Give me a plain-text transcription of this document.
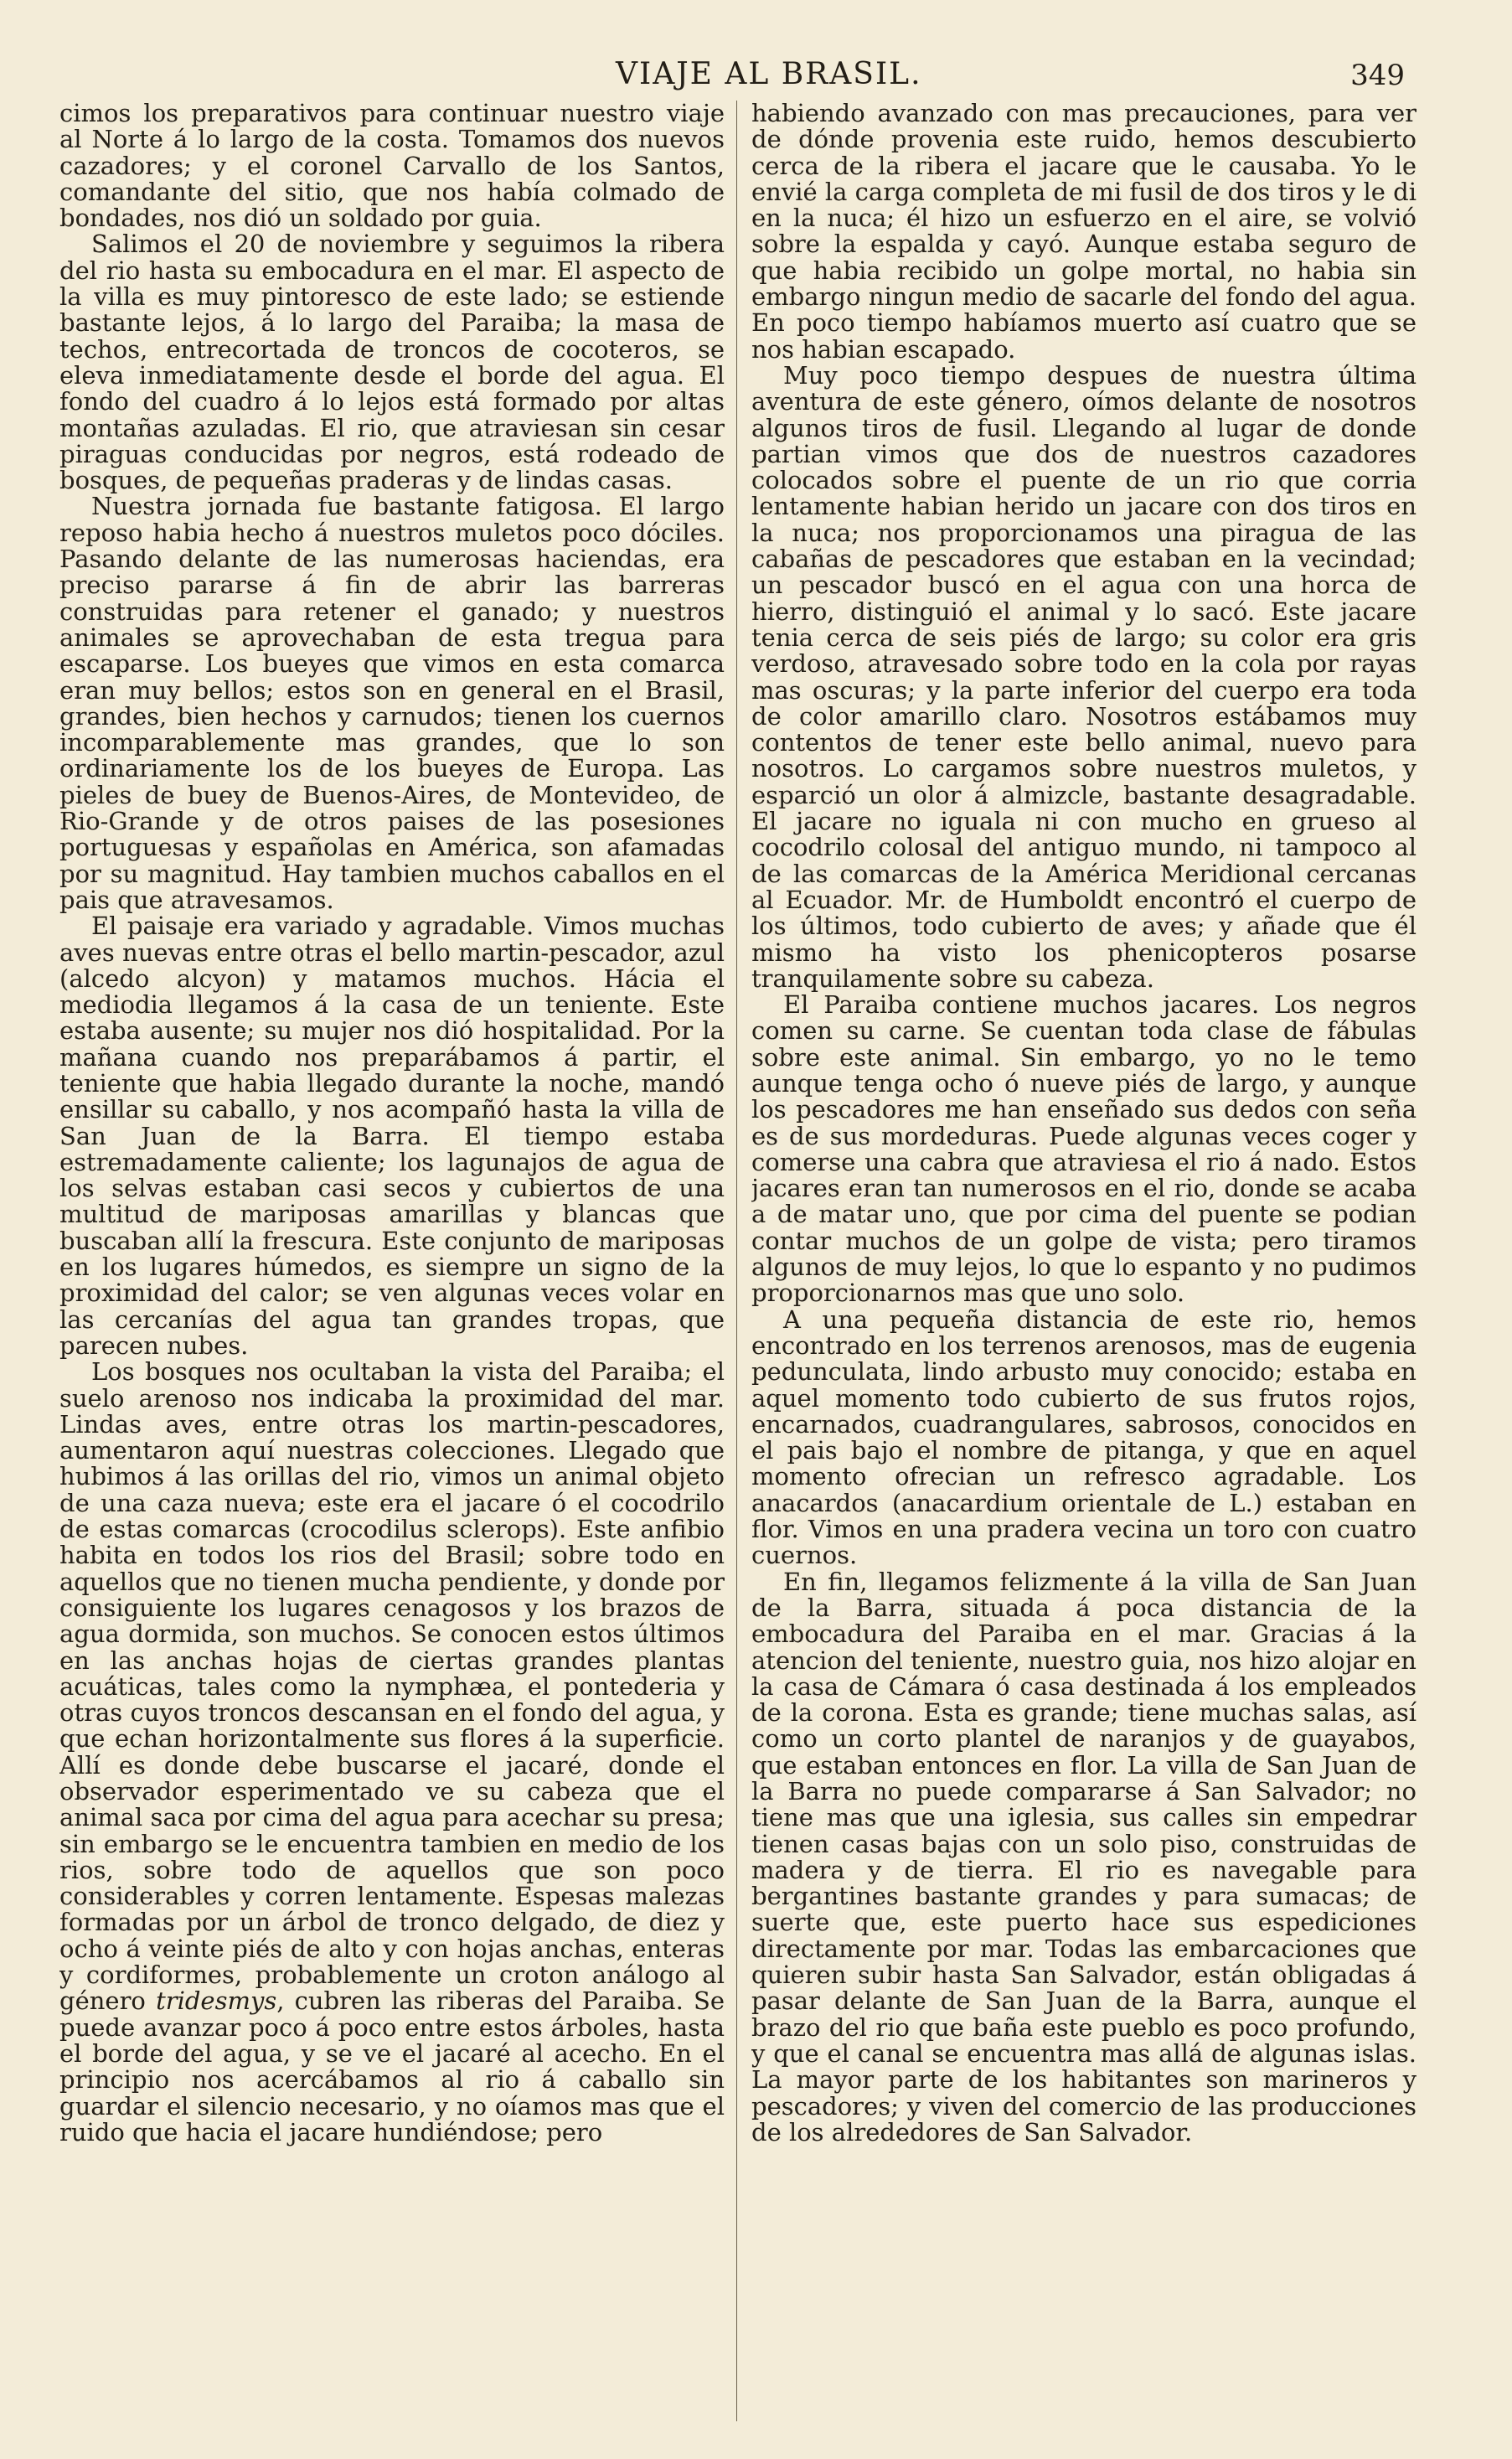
VIAJE AL BRASIL.	349

cimos los preparativos para continuar nuestro viaje al Norte á lo largo de la costa. Tomamos dos nuevos cazadores; y el coronel Carvallo de los Santos, comandante del sitio, que nos había colmado de bondades, nos dió un soldado por guia.

Salimos el 20 de noviembre y seguimos la ribera del rio hasta su embocadura en el mar. El aspecto de la villa es muy pintoresco de este lado; se estiende bastante lejos, á lo largo del Paraiba; la masa de techos, entrecortada de troncos de cocoteros, se eleva inmediatamente desde el borde del agua. El fondo del cuadro á lo lejos está formado por altas montañas azuladas. El rio, que atraviesan sin cesar piraguas conducidas por negros, está rodeado de bosques, de pequeñas praderas y de lindas casas.

Nuestra jornada fue bastante fatigosa. El largo reposo habia hecho á nuestros muletos poco dóciles. Pasando delante de las numerosas haciendas, era preciso pararse á fin de abrir las barreras construidas para retener el ganado; y nuestros animales se aprovechaban de esta tregua para escaparse. Los bueyes que vimos en esta comarca eran muy bellos; estos son en general en el Brasil, grandes, bien hechos y carnudos; tienen los cuernos incomparablemente mas grandes, que lo son ordinariamente los de los bueyes de Europa. Las pieles de buey de Buenos-Aires, de Montevideo, de Rio-Grande y de otros paises de las posesiones portuguesas y españolas en América, son afamadas por su magnitud. Hay tambien muchos caballos en el pais que atravesamos.

El paisaje era variado y agradable. Vimos muchas aves nuevas entre otras el bello martin-pescador, azul (alcedo alcyon) y matamos muchos. Hácia el mediodia llegamos á la casa de un teniente. Este estaba ausente; su mujer nos dió hospitalidad. Por la mañana cuando nos preparábamos á partir, el teniente que habia llegado durante la noche, mandó ensillar su caballo, y nos acompañó hasta la villa de San Juan de la Barra. El tiempo estaba estremadamente caliente; los lagunajos de agua de los selvas estaban casi secos y cubiertos de una multitud de mariposas amarillas y blancas que buscaban allí la frescura. Este conjunto de mariposas en los lugares húmedos, es siempre un signo de la proximidad del calor; se ven algunas veces volar en las cercanías del agua tan grandes tropas, que parecen nubes.

Los bosques nos ocultaban la vista del Paraiba; el suelo arenoso nos indicaba la proximidad del mar. Lindas aves, entre otras los martin-pescadores, aumentaron aquí nuestras colecciones. Llegado que hubimos á las orillas del rio, vimos un animal objeto de una caza nueva; este era el jacare ó el cocodrilo de estas comarcas (crocodilus sclerops). Este anfibio habita en todos los rios del Brasil; sobre todo en aquellos que no tienen mucha pendiente, y donde por consiguiente los lugares cenagosos y los brazos de agua dormida, son muchos. Se conocen estos últimos en las anchas hojas de ciertas grandes plantas acuáticas, tales como la nymphæa, el pontederia y otras cuyos troncos descansan en el fondo del agua, y que echan horizontalmente sus flores á la superficie. Allí es donde debe buscarse el jacaré, donde el observador esperimentado ve su cabeza que el animal saca por cima del agua para acechar su presa; sin embargo se le encuentra tambien en medio de los rios, sobre todo de aquellos que son poco considerables y corren lentamente. Espesas malezas formadas por un árbol de tronco delgado, de diez y ocho á veinte piés de alto y con hojas anchas, enteras y cordiformes, probablemente un croton análogo al género tridesmys, cubren las riberas del Paraiba. Se puede avanzar poco á poco entre estos árboles, hasta el borde del agua, y se ve el jacaré al acecho. En el principio nos acercábamos al rio á caballo sin guardar el silencio necesario, y no oíamos mas que el ruido que hacia el jacare hundiéndose; pero

habiendo avanzado con mas precauciones, para ver de dónde provenia este ruido, hemos descubierto cerca de la ribera el jacare que le causaba. Yo le envié la carga completa de mi fusil de dos tiros y le di en la nuca; él hizo un esfuerzo en el aire, se volvió sobre la espalda y cayó. Aunque estaba seguro de que habia recibido un golpe mortal, no habia sin embargo ningun medio de sacarle del fondo del agua. En poco tiempo habíamos muerto así cuatro que se nos habian escapado.

Muy poco tiempo despues de nuestra última aventura de este género, oímos delante de nosotros algunos tiros de fusil. Llegando al lugar de donde partian vimos que dos de nuestros cazadores colocados sobre el puente de un rio que corria lentamente habian herido un jacare con dos tiros en la nuca; nos proporcionamos una piragua de las cabañas de pescadores que estaban en la vecindad; un pescador buscó en el agua con una horca de hierro, distinguió el animal y lo sacó. Este jacare tenia cerca de seis piés de largo; su color era gris verdoso, atravesado sobre todo en la cola por rayas mas oscuras; y la parte inferior del cuerpo era toda de color amarillo claro. Nosotros estábamos muy contentos de tener este bello animal, nuevo para nosotros. Lo cargamos sobre nuestros muletos, y esparció un olor á almizcle, bastante desagradable. El jacare no iguala ni con mucho en grueso al cocodrilo colosal del antiguo mundo, ni tampoco al de las comarcas de la América Meridional cercanas al Ecuador. Mr. de Humboldt encontró el cuerpo de los últimos, todo cubierto de aves; y añade que él mismo ha visto los phenicopteros posarse tranquilamente sobre su cabeza.

El Paraiba contiene muchos jacares. Los negros comen su carne. Se cuentan toda clase de fábulas sobre este animal. Sin embargo, yo no le temo aunque tenga ocho ó nueve piés de largo, y aunque los pescadores me han enseñado sus dedos con seña es de sus mordeduras. Puede algunas veces coger y comerse una cabra que atraviesa el rio á nado. Estos jacares eran tan numerosos en el rio, donde se acaba a de matar uno, que por cima del puente se podian contar muchos de un golpe de vista; pero tiramos algunos de muy lejos, lo que lo espanto y no pudimos proporcionarnos mas que uno solo.

A una pequeña distancia de este rio, hemos encontrado en los terrenos arenosos, mas de eugenia pedunculata, lindo arbusto muy conocido; estaba en aquel momento todo cubierto de sus frutos rojos, encarnados, cuadrangulares, sabrosos, conocidos en el pais bajo el nombre de pitanga, y que en aquel momento ofrecian un refresco agradable. Los anacardos (anacardium orientale de L.) estaban en flor. Vimos en una pradera vecina un toro con cuatro cuernos.

En fin, llegamos felizmente á la villa de San Juan de la Barra, situada á poca distancia de la embocadura del Paraiba en el mar. Gracias á la atencion del teniente, nuestro guia, nos hizo alojar en la casa de Cámara ó casa destinada á los empleados de la corona. Esta es grande; tiene muchas salas, así como un corto plantel de naranjos y de guayabos, que estaban entonces en flor. La villa de San Juan de la Barra no puede compararse á San Salvador; no tiene mas que una iglesia, sus calles sin empedrar tienen casas bajas con un solo piso, construidas de madera y de tierra. El rio es navegable para bergantines bastante grandes y para sumacas; de suerte que, este puerto hace sus espediciones directamente por mar. Todas las embarcaciones que quieren subir hasta San Salvador, están obligadas á pasar delante de San Juan de la Barra, aunque el brazo del rio que baña este pueblo es poco profundo, y que el canal se encuentra mas allá de algunas islas. La mayor parte de los habitantes son marineros y pescadores; y viven del comercio de las producciones de los alrededores de San Salvador.
